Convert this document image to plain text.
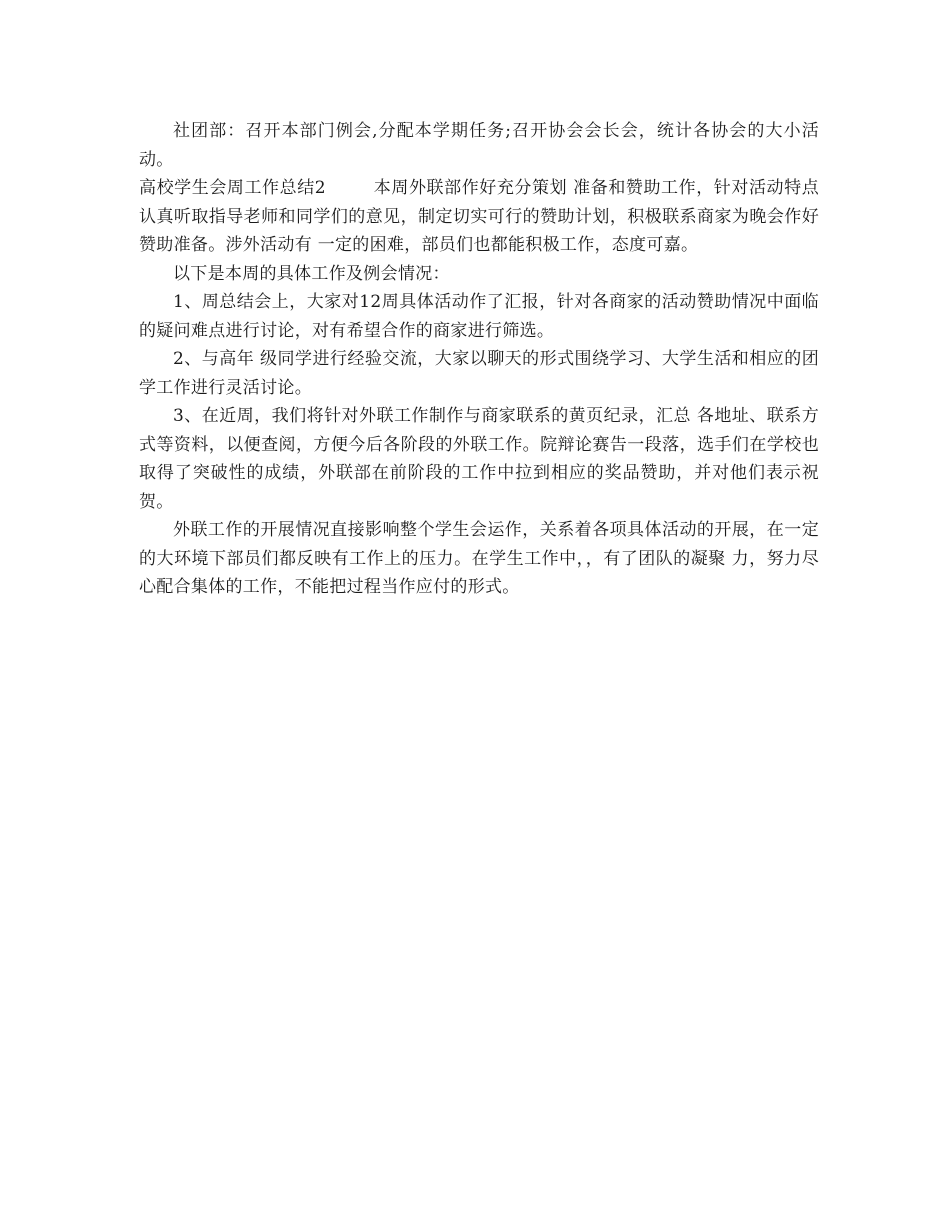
社团部：召开本部门例会,分配本学期任务;召开协会会长会，统计各协会的大小活动。

高校学生会周工作总结2	本周外联部作好充分策划 准备和赞助工作，针对活动特点认真听取指导老师和同学们的意见，制定切实可行的赞助计划，积极联系商家为晚会作好赞助准备。涉外活动有 一定的困难，部员们也都能积极工作，态度可嘉。

以下是本周的具体工作及例会情况：

1、周总结会上，大家对12周具体活动作了汇报，针对各商家的活动赞助情况中面临的疑问难点进行讨论，对有希望合作的商家进行筛选。

2、与高年 级同学进行经验交流，大家以聊天的形式围绕学习、大学生活和相应的团学工作进行灵活讨论。

3、在近周，我们将针对外联工作制作与商家联系的黄页纪录，汇总 各地址、联系方式等资料，以便查阅，方便今后各阶段的外联工作。院辩论赛告一段落，选手们在学校也取得了突破性的成绩，外联部在前阶段的工作中拉到相应的奖品赞助，并对他们表示祝贺。

外联工作的开展情况直接影响整个学生会运作，关系着各项具体活动的开展，在一定的大环境下部员们都反映有工作上的压力。在学生工作中，，有了团队的凝聚 力，努力尽心配合集体的工作，不能把过程当作应付的形式。
